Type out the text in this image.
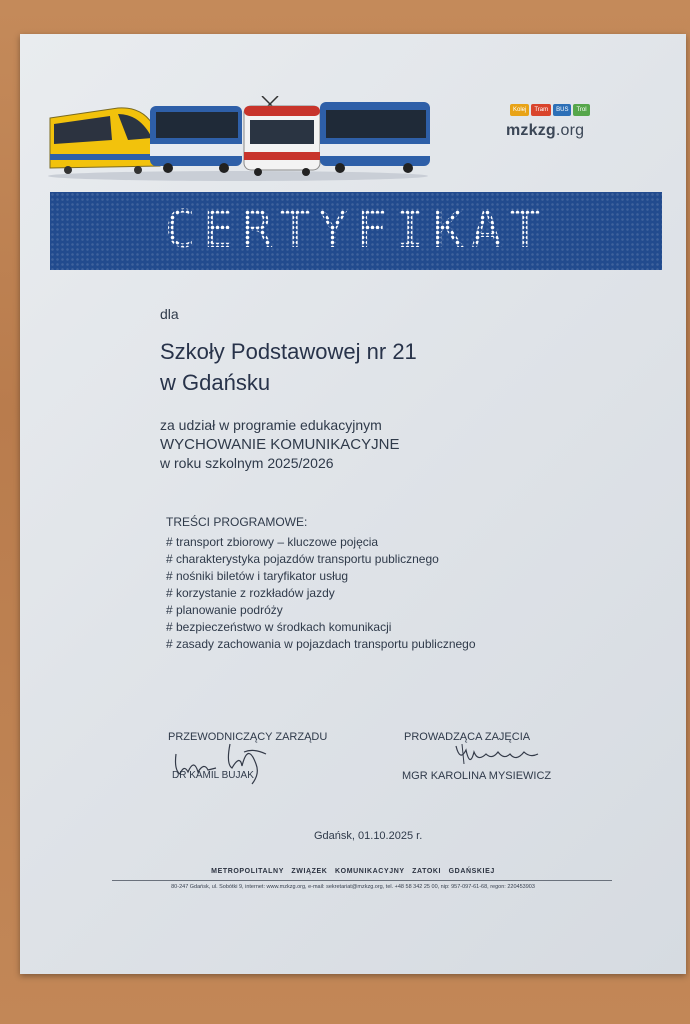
Kolej	Tram	BUS	Trol
mzkzg.org
CERTYFIKAT
dla
Szkoły Podstawowej nr 21
w Gdańsku
za udział w programie edukacyjnym
WYCHOWANIE KOMUNIKACYJNE
w roku szkolnym 2025/2026
TREŚCI PROGRAMOWE:
# transport zbiorowy – kluczowe pojęcia
# charakterystyka pojazdów transportu publicznego
# nośniki biletów i taryfikator usług
# korzystanie z rozkładów jazdy
# planowanie podróży
# bezpieczeństwo w środkach komunikacji
# zasady zachowania w pojazdach transportu publicznego
PRZEWODNICZĄCY ZARZĄDU
DR KAMIL BUJAK
PROWADZĄCA ZAJĘCIA
MGR KAROLINA MYSIEWICZ
Gdańsk, 01.10.2025 r.
METROPOLITALNY ZWIĄZEK KOMUNIKACYJNY ZATOKI GDAŃSKIEJ
80-247 Gdańsk, ul. Sobótki 9, internet: www.mzkzg.org, e-mail: sekretariat@mzkzg.org, tel. +48 58 342 25 00, nip: 957-097-61-68, regon: 220453903
